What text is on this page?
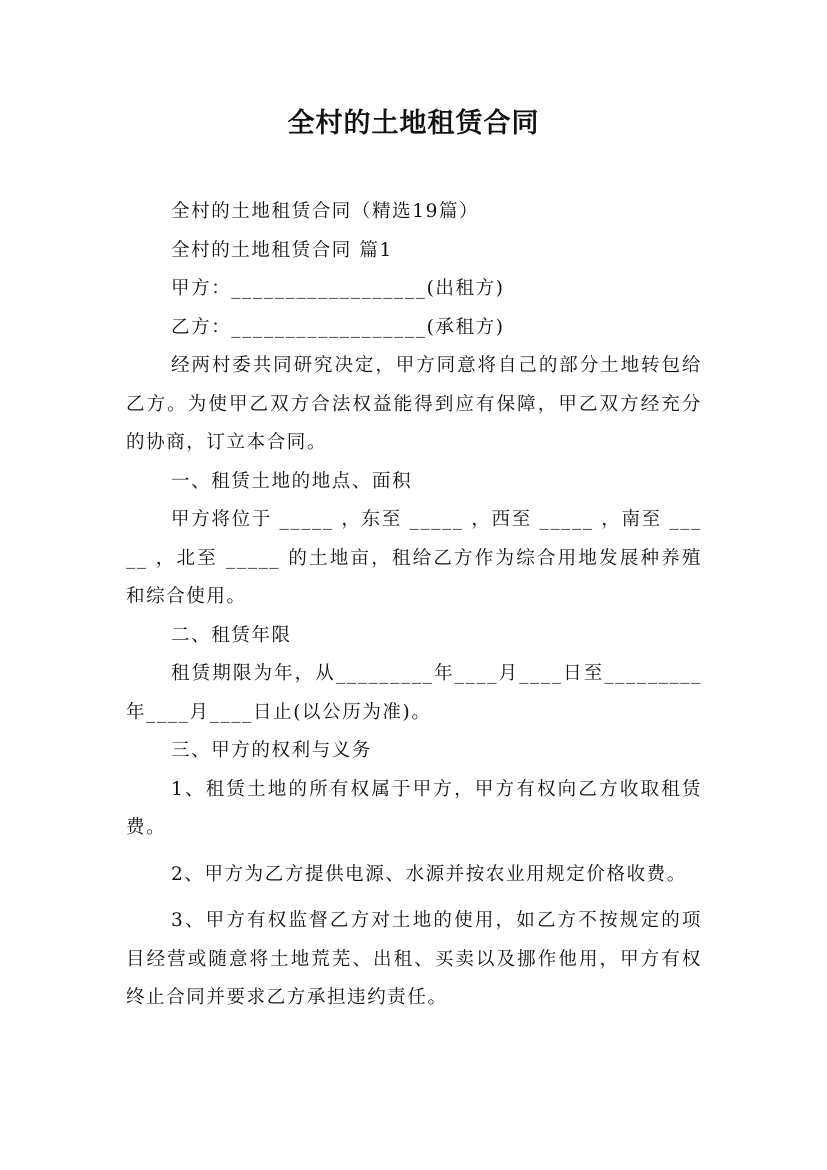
全村的土地租赁合同

全村的土地租赁合同（精选19篇）

全村的土地租赁合同 篇1

甲方：__________________(出租方)

乙方：__________________(承租方)

经两村委共同研究决定，甲方同意将自己的部分土地转包给乙方。为使甲乙双方合法权益能得到应有保障，甲乙双方经充分的协商，订立本合同。

一、租赁土地的地点、面积

甲方将位于 _____ ，东至 _____ ，西至 _____ ，南至 _____ ，北至 _____ 的土地亩，租给乙方作为综合用地发展种养殖和综合使用。

二、租赁年限

租赁期限为年，从_________年____月____日至_________年____月____日止(以公历为准)。

三、甲方的权利与义务

1、租赁土地的所有权属于甲方，甲方有权向乙方收取租赁费。

2、甲方为乙方提供电源、水源并按农业用规定价格收费。

3、甲方有权监督乙方对土地的使用，如乙方不按规定的项目经营或随意将土地荒芜、出租、买卖以及挪作他用，甲方有权终止合同并要求乙方承担违约责任。
